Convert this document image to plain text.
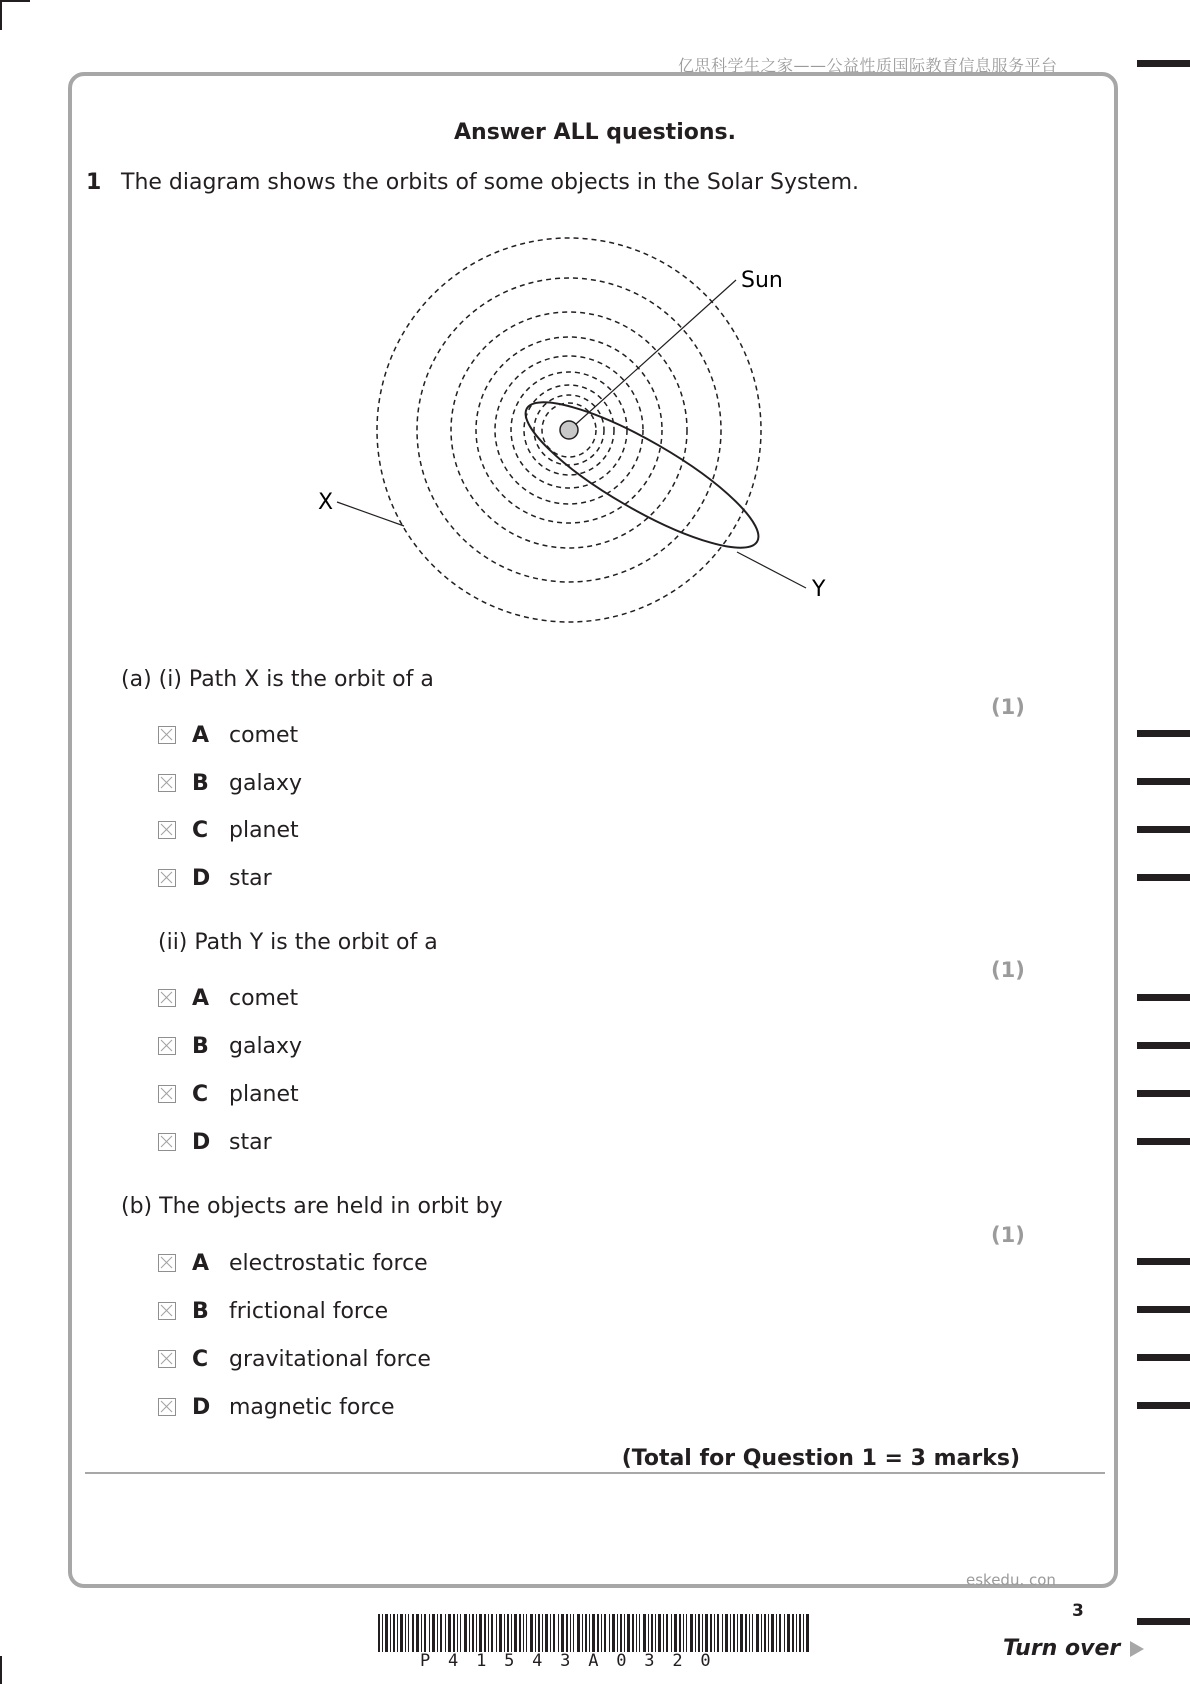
亿思科学生之家——公益性质国际教育信息服务平台
Answer ALL questions.
1 The diagram shows the orbits of some objects in the Solar System.
Sun
X
Y
(a) (i) Path X is the orbit of a
(1)
A comet
B galaxy
C planet
D star
(ii) Path Y is the orbit of a
(1)
A comet
B galaxy
C planet
D star
(b) The objects are held in orbit by
(1)
A electrostatic force
B frictional force
C gravitational force
D magnetic force
(Total for Question 1 = 3 marks)
eskedu. con
3
Turn over
P41543A0320
